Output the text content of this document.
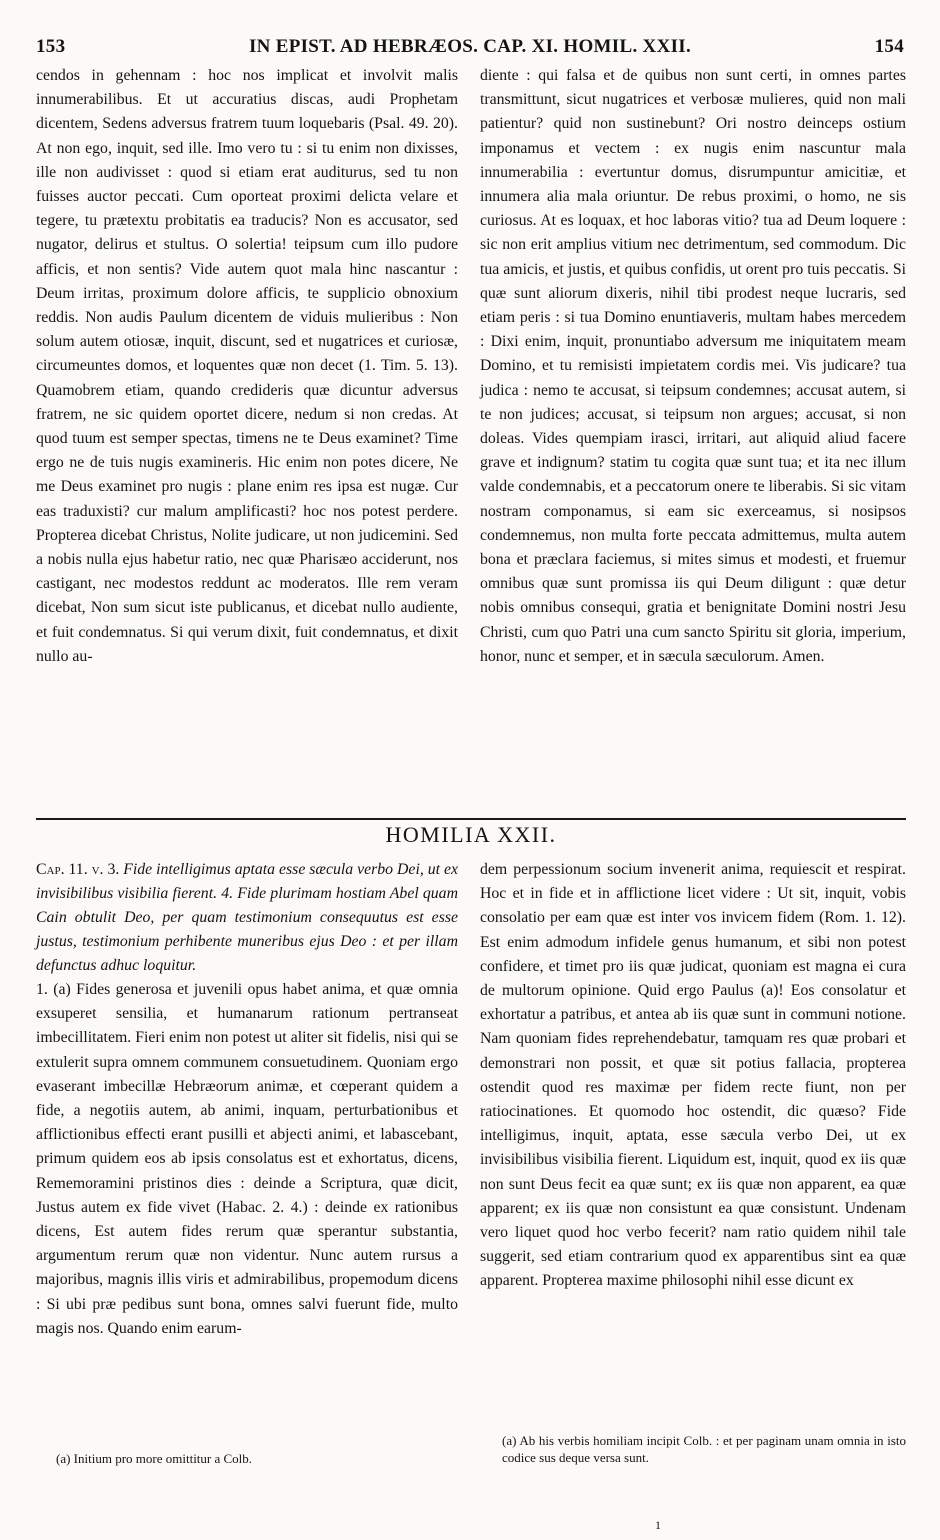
153	IN EPIST. AD HEBRÆOS. CAP. XI. HOMIL. XXII.	154

cendos in gehennam : hoc nos implicat et involvit malis innumerabilibus. Et ut accuratius discas, audi Prophetam dicentem, Sedens adversus fratrem tuum loquebaris (Psal. 49. 20). At non ego, inquit, sed ille. Imo vero tu : si tu enim non dixisses, ille non audivisset : quod si etiam erat auditurus, sed tu non fuisses auctor peccati. Cum oporteat proximi delicta velare et tegere, tu prætextu probitatis ea traducis? Non es accusator, sed nugator, delirus et stultus. O solertia! teipsum cum illo pudore afficis, et non sentis? Vide autem quot mala hinc nascantur : Deum irritas, proximum dolore afficis, te supplicio obnoxium reddis. Non audis Paulum dicentem de viduis mulieribus : Non solum autem otiosæ, inquit, discunt, sed et nugatrices et curiosæ, circumeuntes domos, et loquentes quæ non decet (1. Tim. 5. 13). Quamobrem etiam, quando credideris quæ dicuntur adversus fratrem, ne sic quidem oportet dicere, nedum si non credas. At quod tuum est semper spectas, timens ne te Deus examinet? Time ergo ne de tuis nugis examineris. Hic enim non potes dicere, Ne me Deus examinet pro nugis : plane enim res ipsa est nugæ. Cur eas traduxisti? cur malum amplificasti? hoc nos potest perdere. Propterea dicebat Christus, Nolite judicare, ut non judicemini. Sed a nobis nulla ejus habetur ratio, nec quæ Pharisæo acciderunt, nos castigant, nec modestos reddunt ac moderatos. Ille rem veram dicebat, Non sum sicut iste publicanus, et dicebat nullo audiente, et fuit condemnatus. Si qui verum dixit, fuit condemnatus, et dixit nullo au-

diente : qui falsa et de quibus non sunt certi, in omnes partes transmittunt, sicut nugatrices et verbosæ mulieres, quid non mali patientur? quid non sustinebunt? Ori nostro deinceps ostium imponamus et vectem : ex nugis enim nascuntur mala innumerabilia : evertuntur domus, disrumpuntur amicitiæ, et innumera alia mala oriuntur. De rebus proximi, o homo, ne sis curiosus. At es loquax, et hoc laboras vitio? tua ad Deum loquere : sic non erit amplius vitium nec detrimentum, sed commodum. Dic tua amicis, et justis, et quibus confidis, ut orent pro tuis peccatis. Si quæ sunt aliorum dixeris, nihil tibi prodest neque lucraris, sed etiam peris : si tua Domino enuntiaveris, multam habes mercedem : Dixi enim, inquit, pronuntiabo adversum me iniquitatem meam Domino, et tu remisisti impietatem cordis mei. Vis judicare? tua judica : nemo te accusat, si teipsum condemnes; accusat autem, si te non judices; accusat, si teipsum non argues; accusat, si non doleas. Vides quempiam irasci, irritari, aut aliquid aliud facere grave et indignum? statim tu cogita quæ sunt tua; et ita nec illum valde condemnabis, et a peccatorum onere te liberabis. Si sic vitam nostram componamus, si eam sic exerceamus, si nosipsos condemnemus, non multa forte peccata admittemus, multa autem bona et præclara faciemus, si mites simus et modesti, et fruemur omnibus quæ sunt promissa iis qui Deum diligunt : quæ detur nobis omnibus consequi, gratia et benignitate Domini nostri Jesu Christi, cum quo Patri una cum sancto Spiritu sit gloria, imperium, honor, nunc et semper, et in sæcula sæculorum. Amen.

HOMILIA XXII.

Cap. 11. v. 3. Fide intelligimus aptata esse sæcula verbo Dei, ut ex invisibilibus visibilia fierent. 4. Fide plurimam hostiam Abel quam Cain obtulit Deo, per quam testimonium consequutus est esse justus, testimonium perhibente muneribus ejus Deo : et per illam defunctus adhuc loquitur.

1. (a) Fides generosa et juvenili opus habet anima, et quæ omnia exsuperet sensilia, et humanarum rationum pertranseat imbecillitatem. Fieri enim non potest ut aliter sit fidelis, nisi qui se extulerit supra omnem communem consuetudinem. Quoniam ergo evaserant imbecillæ Hebræorum animæ, et cœperant quidem a fide, a negotiis autem, ab animi, inquam, perturbationibus et afflictionibus effecti erant pusilli et abjecti animi, et labascebant, primum quidem eos ab ipsis consolatus est et exhortatus, dicens, Rememoramini pristinos dies : deinde a Scriptura, quæ dicit, Justus autem ex fide vivet (Habac. 2. 4.) : deinde ex rationibus dicens, Est autem fides rerum quæ sperantur substantia, argumentum rerum quæ non videntur. Nunc autem rursus a majoribus, magnis illis viris et admirabilibus, propemodum dicens : Si ubi præ pedibus sunt bona, omnes salvi fuerunt fide, multo magis nos. Quando enim earum-

dem perpessionum socium invenerit anima, requiescit et respirat. Hoc et in fide et in afflictione licet videre : Ut sit, inquit, vobis consolatio per eam quæ est inter vos invicem fidem (Rom. 1. 12). Est enim admodum infidele genus humanum, et sibi non potest confidere, et timet pro iis quæ judicat, quoniam est magna ei cura de multorum opinione. Quid ergo Paulus (a)! Eos consolatur et exhortatur a patribus, et antea ab iis quæ sunt in communi notione. Nam quoniam fides reprehendebatur, tamquam res quæ probari et demonstrari non possit, et quæ sit potius fallacia, propterea ostendit quod res maximæ per fidem recte fiunt, non per ratiocinationes. Et quomodo hoc ostendit, dic quæso? Fide intelligimus, inquit, aptata, esse sæcula verbo Dei, ut ex invisibilibus visibilia fierent. Liquidum est, inquit, quod ex iis quæ non sunt Deus fecit ea quæ sunt; ex iis quæ non apparent, ea quæ apparent; ex iis quæ non consistunt ea quæ consistunt. Undenam vero liquet quod hoc verbo fecerit? nam ratio quidem nihil tale suggerit, sed etiam contrarium quod ex apparentibus sint ea quæ apparent. Propterea maxime philosophi nihil esse dicunt ex

(a) Initium pro more omittitur a Colb.
(a) Ab his verbis homiliam incipit Colb. : et per paginam unam omnia in isto codice sus deque versa sunt.
1
